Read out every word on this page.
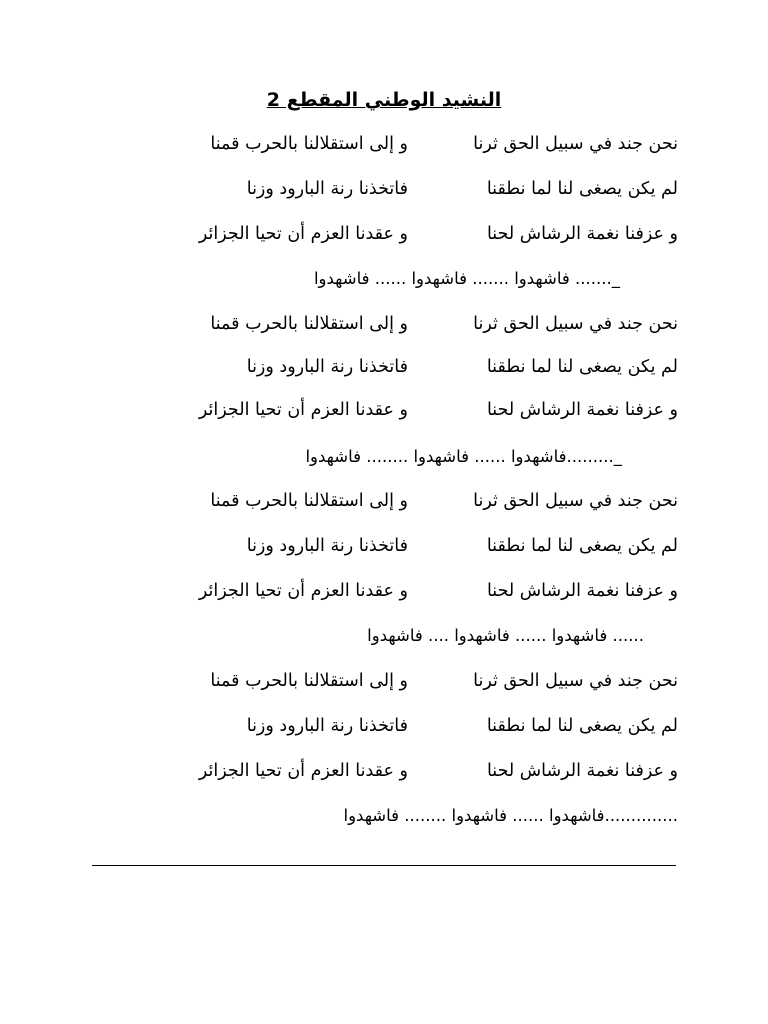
النشيد الوطني المقطع 2
نحن جند في سبيل الحق ثرنا
و إلى استقلالنا بالحرب قمنا
لم يكن يصغى لنا لما نطقنا
فاتخذنا رنة البارود وزنا
و عزفنا نغمة الرشاش لحنا
و عقدنا العزم أن تحيا الجزائر
_....... فاشهدوا ....... فاشهدوا ...... فاشهدوا
نحن جند في سبيل الحق ثرنا
و إلى استقلالنا بالحرب قمنا
لم يكن يصغى لنا لما نطقنا
فاتخذنا رنة البارود وزنا
و عزفنا نغمة الرشاش لحنا
و عقدنا العزم أن تحيا الجزائر
_.........فاشهدوا ...... فاشهدوا ........ فاشهدوا
نحن جند في سبيل الحق ثرنا
و إلى استقلالنا بالحرب قمنا
لم يكن يصغى لنا لما نطقنا
فاتخذنا رنة البارود وزنا
و عزفنا نغمة الرشاش لحنا
و عقدنا العزم أن تحيا الجزائر
...... فاشهدوا ...... فاشهدوا .... فاشهدوا
نحن جند في سبيل الحق ثرنا
و إلى استقلالنا بالحرب قمنا
لم يكن يصغى لنا لما نطقنا
فاتخذنا رنة البارود وزنا
و عزفنا نغمة الرشاش لحنا
و عقدنا العزم أن تحيا الجزائر
..............فاشهدوا ...... فاشهدوا ........ فاشهدوا
